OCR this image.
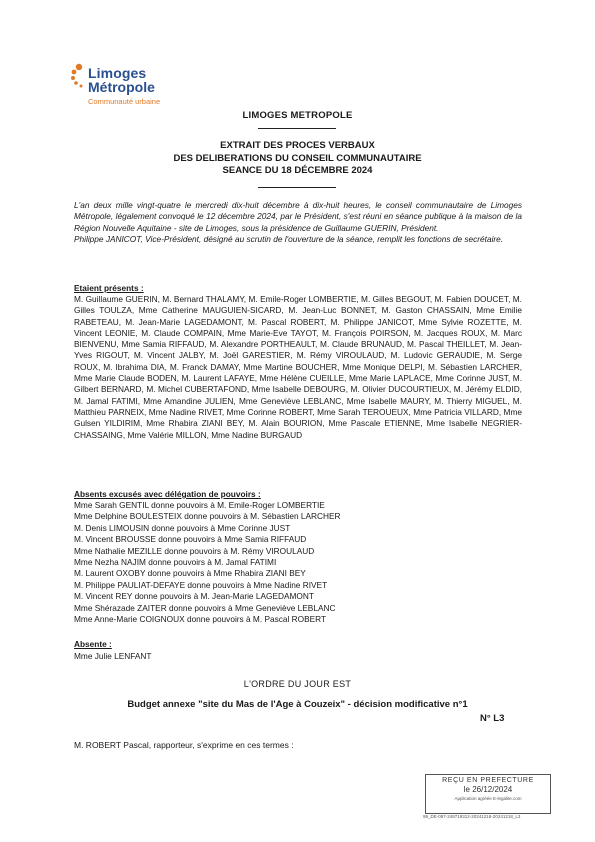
Limoges
Métropole
Communauté urbaine
LIMOGES METROPOLE
EXTRAIT DES PROCES VERBAUX
DES DELIBERATIONS DU CONSEIL COMMUNAUTAIRE
SEANCE DU 18 DÉCEMBRE 2024
L'an deux mille vingt-quatre le mercredi dix-huit décembre à dix-huit heures, le conseil communautaire de Limoges Métropole, légalement convoqué le 12 décembre 2024, par le Président, s'est réuni en séance publique à la maison de la Région Nouvelle Aquitaine - site de Limoges, sous la présidence de Guillaume GUERIN, Président.
Philippe JANICOT, Vice-Président, désigné au scrutin de l'ouverture de la séance, remplit les fonctions de secrétaire.
Etaient présents :
M. Guillaume GUERIN, M. Bernard THALAMY, M. Emile-Roger LOMBERTIE, M. Gilles BEGOUT, M. Fabien DOUCET, M. Gilles TOULZA, Mme Catherine MAUGUIEN-SICARD, M. Jean-Luc BONNET, M. Gaston CHASSAIN, Mme Emilie RABETEAU, M. Jean-Marie LAGEDAMONT, M. Pascal ROBERT, M. Philippe JANICOT, Mme Sylvie ROZETTE, M. Vincent LEONIE, M. Claude COMPAIN, Mme Marie-Eve TAYOT, M. François POIRSON, M. Jacques ROUX, M. Marc BIENVENU, Mme Samia RIFFAUD, M. Alexandre PORTHEAULT, M. Claude BRUNAUD, M. Pascal THEILLET, M. Jean-Yves RIGOUT, M. Vincent JALBY, M. Joël GARESTIER, M. Rémy VIROULAUD, M. Ludovic GERAUDIE, M. Serge ROUX, M. Ibrahima DIA, M. Franck DAMAY, Mme Martine BOUCHER, Mme Monique DELPI, M. Sébastien LARCHER, Mme Marie Claude BODEN, M. Laurent LAFAYE, Mme Hélène CUEILLE, Mme Marie LAPLACE, Mme Corinne JUST, M. Gilbert BERNARD, M. Michel CUBERTAFOND, Mme Isabelle DEBOURG, M. Olivier DUCOURTIEUX, M. Jérémy ELDID, M. Jamal FATIMI, Mme Amandine JULIEN, Mme Geneviève LEBLANC, Mme Isabelle MAURY, M. Thierry MIGUEL, M. Matthieu PARNEIX, Mme Nadine RIVET, Mme Corinne ROBERT, Mme Sarah TEROUEUX, Mme Patricia VILLARD, Mme Gulsen YILDIRIM, Mme Rhabira ZIANI BEY, M. Alain BOURION, Mme Pascale ETIENNE, Mme Isabelle NEGRIER-CHASSAING, Mme Valérie MILLON, Mme Nadine BURGAUD
Absents excusés avec délégation de pouvoirs :
Mme Sarah GENTIL donne pouvoirs à M. Emile-Roger LOMBERTIE
Mme Delphine BOULESTEIX donne pouvoirs à M. Sébastien LARCHER
M. Denis LIMOUSIN donne pouvoirs à Mme Corinne JUST
M. Vincent BROUSSE donne pouvoirs à Mme Samia RIFFAUD
Mme Nathalie MEZILLE donne pouvoirs à M. Rémy VIROULAUD
Mme Nezha NAJIM donne pouvoirs à M. Jamal FATIMI
M. Laurent OXOBY donne pouvoirs à Mme Rhabira ZIANI BEY
M. Philippe PAULIAT-DEFAYE donne pouvoirs à Mme Nadine RIVET
M. Vincent REY donne pouvoirs à M. Jean-Marie LAGEDAMONT
Mme Shérazade ZAITER donne pouvoirs à Mme Geneviève LEBLANC
Mme Anne-Marie COIGNOUX donne pouvoirs à M. Pascal ROBERT
Absente :
Mme Julie LENFANT
L'ORDRE DU JOUR EST
Budget annexe "site du Mas de l'Age à Couzeix" - décision modificative n°1
N° L3
M. ROBERT Pascal, rapporteur, s'exprime en ces termes :
REÇU EN PREFECTURE
le 26/12/2024
Application agréée E-legalite.com
99_DE-087-248719312-20241218-20241218_L3
